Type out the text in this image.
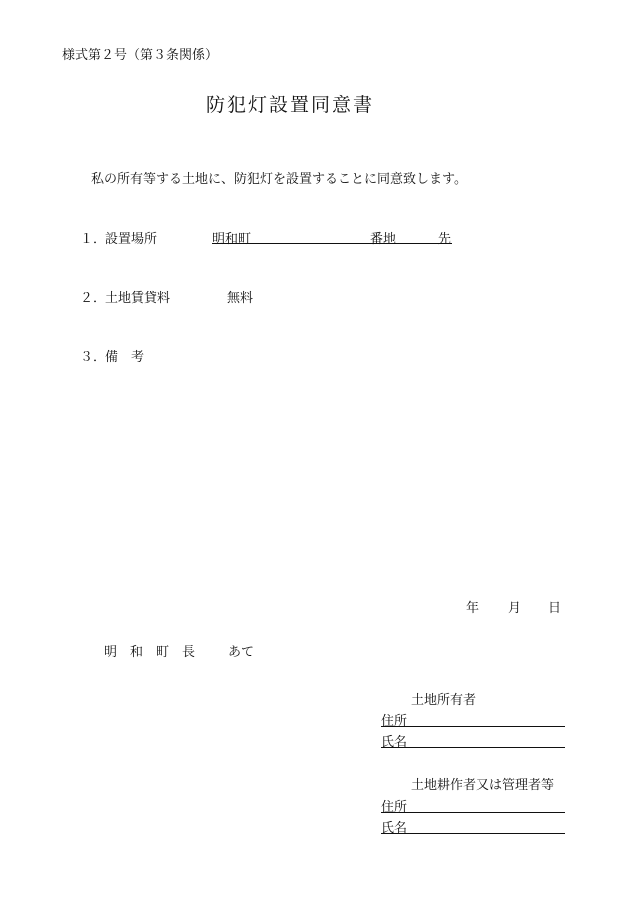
様式第２号（第３条関係）
防犯灯設置同意書
私の所有等する土地に、防犯灯を設置することに同意致します。
１．
設置場所	明和町	番地	先
２．
土地賃貸料	無料
３．
備　考
年 月 日
明　和　町　長	あて
土地所有者
住所
氏名
土地耕作者又は管理者等
住所
氏名
